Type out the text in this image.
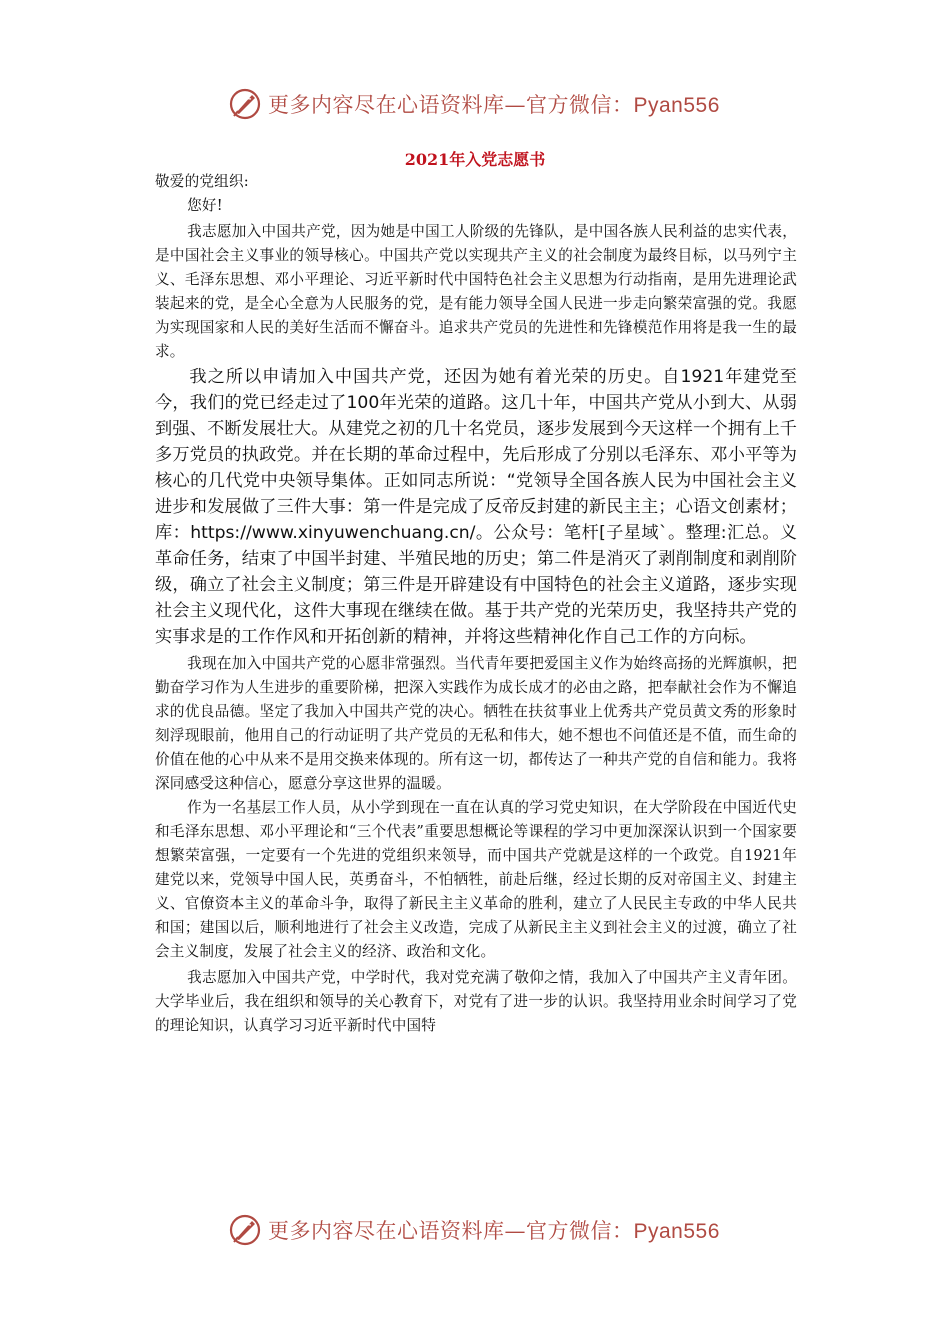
更多内容尽在心语资料库—官方微信：Pyan556
2021年入党志愿书

敬爱的党组织:

您好!

我志愿加入中国共产党，因为她是中国工人阶级的先锋队，是中国各族人民利益的忠实代表，是中国社会主义事业的领导核心。中国共产党以实现共产主义的社会制度为最终目标，以马列宁主义、毛泽东思想、邓小平理论、习近平新时代中国特色社会主义思想为行动指南，是用先进理论武装起来的党，是全心全意为人民服务的党，是有能力领导全国人民进一步走向繁荣富强的党。我愿为实现国家和人民的美好生活而不懈奋斗。追求共产党员的先进性和先锋模范作用将是我一生的最求。

我之所以申请加入中国共产党，还因为她有着光荣的历史。自1921年建党至今，我们的党已经走过了100年光荣的道路。这几十年，中国共产党从小到大、从弱到强、不断发展壮大。从建党之初的几十名党员，逐步发展到今天这样一个拥有上千多万党员的执政党。并在长期的革命过程中，先后形成了分别以毛泽东、邓小平等为核心的几代党中央领导集体。正如同志所说：“党领导全国各族人民为中国社会主义进步和发展做了三件大事：第一件是完成了反帝反封建的新民主主；心语文创素材；库：https://www.xinyuwenchuang.cn/。公众号：笔杆[子星域`。整理:汇总。义革命任务，结束了中国半封建、半殖民地的历史；第二件是消灭了剥削制度和剥削阶级，确立了社会主义制度；第三件是开辟建设有中国特色的社会主义道路，逐步实现社会主义现代化，这件大事现在继续在做。基于共产党的光荣历史，我坚持共产党的实事求是的工作作风和开拓创新的精神，并将这些精神化作自己工作的方向标。

我现在加入中国共产党的心愿非常强烈。当代青年要把爱国主义作为始终高扬的光辉旗帜，把勤奋学习作为人生进步的重要阶梯，把深入实践作为成长成才的必由之路，把奉献社会作为不懈追求的优良品德。坚定了我加入中国共产党的决心。牺牲在扶贫事业上优秀共产党员黄文秀的形象时刻浮现眼前，他用自己的行动证明了共产党员的无私和伟大，她不想也不问值还是不值，而生命的价值在他的心中从来不是用交换来体现的。所有这一切，都传达了一种共产党的自信和能力。我将深同感受这种信心，愿意分享这世界的温暖。

作为一名基层工作人员，从小学到现在一直在认真的学习党史知识，在大学阶段在中国近代史和毛泽东思想、邓小平理论和“三个代表”重要思想概论等课程的学习中更加深深认识到一个国家要想繁荣富强，一定要有一个先进的党组织来领导，而中国共产党就是这样的一个政党。自1921年建党以来，党领导中国人民，英勇奋斗，不怕牺牲，前赴后继，经过长期的反对帝国主义、封建主义、官僚资本主义的革命斗争，取得了新民主主义革命的胜利，建立了人民民主专政的中华人民共和国；建国以后，顺利地进行了社会主义改造，完成了从新民主主义到社会主义的过渡，确立了社会主义制度，发展了社会主义的经济、政治和文化。

我志愿加入中国共产党，中学时代，我对党充满了敬仰之情，我加入了中国共产主义青年团。大学毕业后，我在组织和领导的关心教育下，对党有了进一步的认识。我坚持用业余时间学习了党的理论知识，认真学习习近平新时代中国特

更多内容尽在心语资料库—官方微信：Pyan556
